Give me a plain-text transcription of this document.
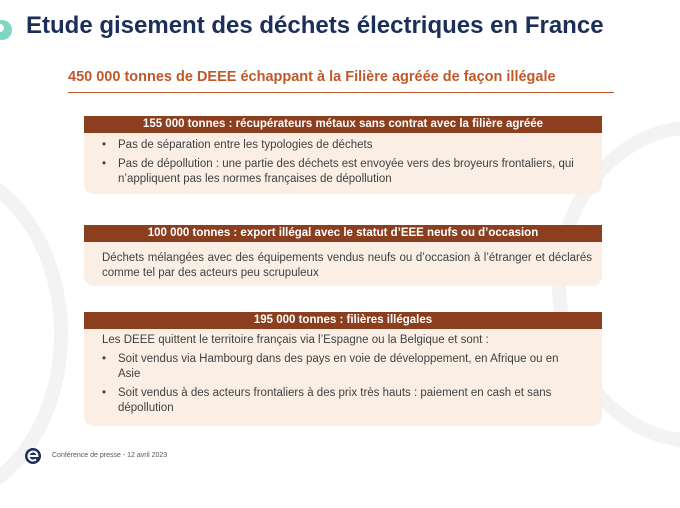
Etude gisement des déchets électriques en France
450 000 tonnes de DEEE échappant à la Filière agréée de façon illégale
155 000 tonnes : récupérateurs métaux sans contrat avec la filière agréée
• Pas de séparation entre les typologies de déchets
• Pas de dépollution : une partie des déchets est envoyée vers des broyeurs frontaliers, qui n’appliquent pas les normes françaises de dépollution
100 000 tonnes : export illégal avec le statut d’EEE neufs ou d’occasion

Déchets mélangées avec des équipements vendus neufs ou d’occasion à l’étranger et déclarés comme tel par des acteurs peu scrupuleux

195 000 tonnes : filières illégales

Les DEEE quittent le territoire français via l’Espagne ou la Belgique et sont :

• Soit vendus via Hambourg dans des pays en voie de développement, en Afrique ou en Asie
• Soit vendus à des acteurs frontaliers à des prix très hauts : paiement en cash et sans dépollution
Conférence de presse - 12 avril 2023
